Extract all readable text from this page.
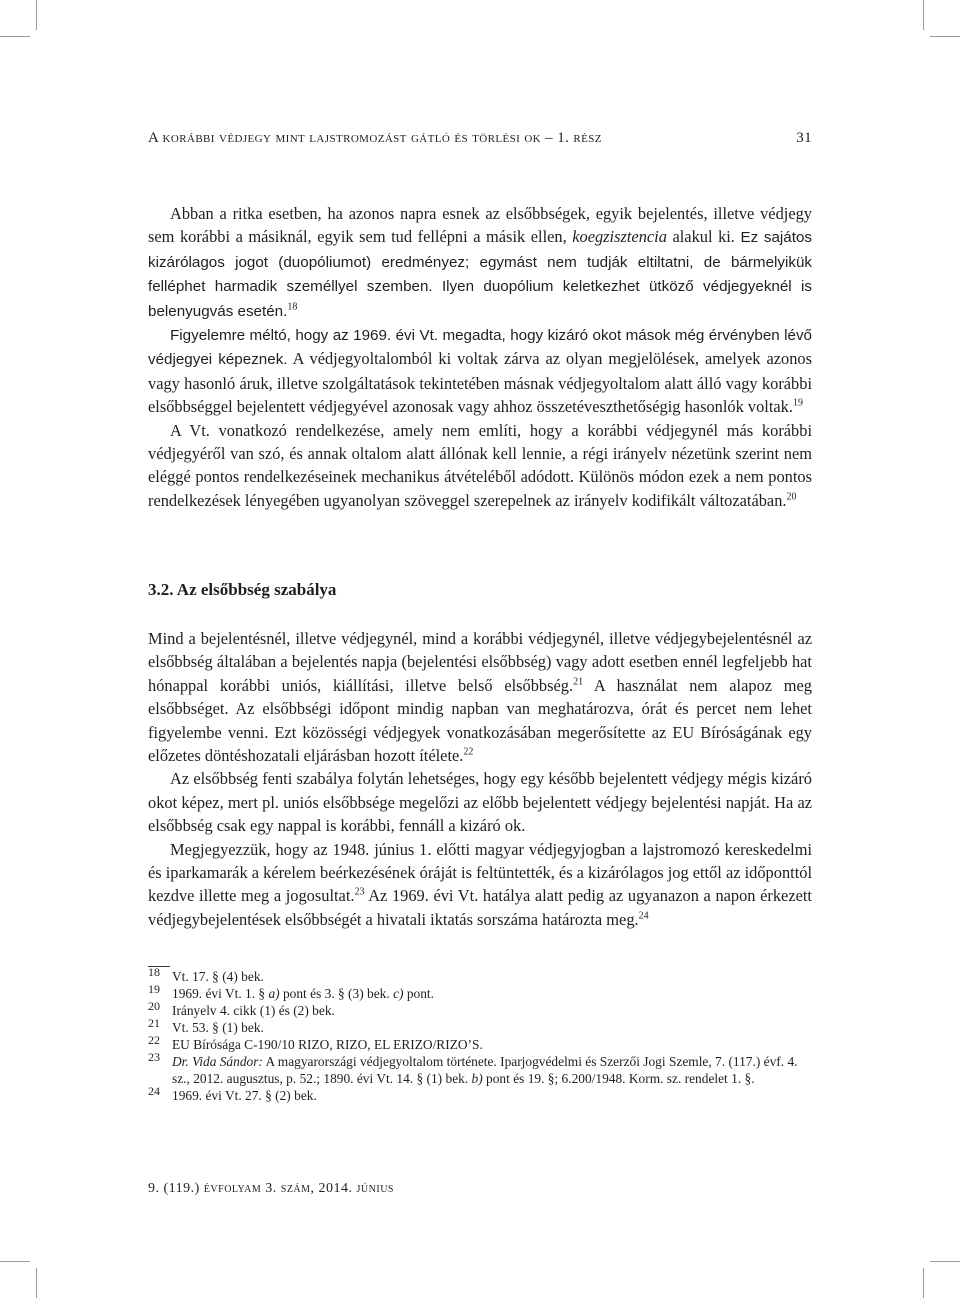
A korábbi védjegy mint lajstromozást gátló és törlési ok – 1. rész	31

Abban a ritka esetben, ha azonos napra esnek az elsőbbségek, egyik bejelentés, illetve védjegy sem korábbi a másiknál, egyik sem tud fellépni a másik ellen, koegzisztencia alakul ki. Ez sajátos kizárólagos jogot (duopóliumot) eredményez; egymást nem tudják eltiltatni, de bármelyikük felléphet harmadik személlyel szemben. Ilyen duopólium keletkezhet ütköző védjegyeknél is belenyugvás esetén.$^{18}$

Figyelemre méltó, hogy az 1969. évi Vt. megadta, hogy kizáró okot mások még érvényben lévő védjegyei képeznek. A védjegyoltalomból ki voltak zárva az olyan megjelölések, amelyek azonos vagy hasonló áruk, illetve szolgáltatások tekintetében másnak védjegyoltalom alatt álló vagy korábbi elsőbbséggel bejelentett védjegyével azonosak vagy ahhoz összetéveszthetőségig hasonlók voltak.$^{19}$

A Vt. vonatkozó rendelkezése, amely nem említi, hogy a korábbi védjegynél más korábbi védjegyéről van szó, és annak oltalom alatt állónak kell lennie, a régi irányelv nézetünk szerint nem eléggé pontos rendelkezéseinek mechanikus átvételéből adódott. Különös módon ezek a nem pontos rendelkezések lényegében ugyanolyan szöveggel szerepelnek az irányelv kodifikált változatában.$^{20}$

3.2. Az elsőbbség szabálya

Mind a bejelentésnél, illetve védjegynél, mind a korábbi védjegynél, illetve védjegybejelentésnél az elsőbbség általában a bejelentés napja (bejelentési elsőbbség) vagy adott esetben ennél legfeljebb hat hónappal korábbi uniós, kiállítási, illetve belső elsőbbség.$^{21}$ A használat nem alapoz meg elsőbbséget. Az elsőbbségi időpont mindig napban van meghatározva, órát és percet nem lehet figyelembe venni. Ezt közösségi védjegyek vonatkozásában megerősítette az EU Bíróságának egy előzetes döntéshozatali eljárásban hozott ítélete.$^{22}$

Az elsőbbség fenti szabálya folytán lehetséges, hogy egy később bejelentett védjegy mégis kizáró okot képez, mert pl. uniós elsőbbsége megelőzi az előbb bejelentett védjegy bejelentési napját. Ha az elsőbbség csak egy nappal is korábbi, fennáll a kizáró ok.

Megjegyezzük, hogy az 1948. június 1. előtti magyar védjegyjogban a lajstromozó kereskedelmi és iparkamarák a kérelem beérkezésének óráját is feltüntették, és a kizárólagos jog ettől az időponttól kezdve illette meg a jogosultat.$^{23}$ Az 1969. évi Vt. hatálya alatt pedig az ugyanazon a napon érkezett védjegybejelentések elsőbbségét a hivatali iktatás sorszáma határozta meg.$^{24}$

18 Vt. 17. § (4) bek.
19 1969. évi Vt. 1. § a) pont és 3. § (3) bek. c) pont.
20 Irányelv 4. cikk (1) és (2) bek.
21 Vt. 53. § (1) bek.
22 EU Bírósága C-190/10 RIZO, RIZO, EL ERIZO/RIZO’S.
23 Dr. Vida Sándor: A magyarországi védjegyoltalom története. Iparjogvédelmi és Szerzői Jogi Szemle, 7. (117.) évf. 4. sz., 2012. augusztus, p. 52.; 1890. évi Vt. 14. § (1) bek. b) pont és 19. §; 6.200/1948. Korm. sz. rendelet 1. §.
24 1969. évi Vt. 27. § (2) bek.
9. (119.) évfolyam 3. szám, 2014. június
